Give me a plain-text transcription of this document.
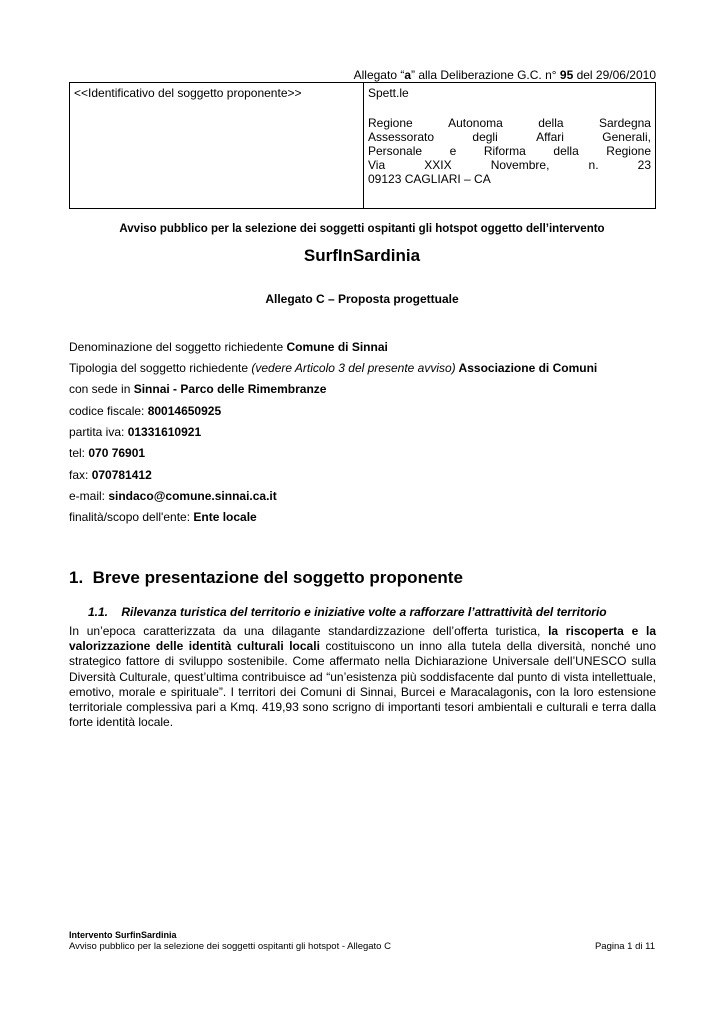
Allegato “a” alla Deliberazione G.C. n° 95 del 29/06/2010
<<Identificativo del soggetto proponente>>	Spett.le
Regione	Autonoma	della	Sardegna
Assessorato	degli	Affari	Generali,
Personale e Riforma della Regione
Via	XXIX	Novembre,	n.	23
09123 CAGLIARI – CA
Avviso pubblico per la selezione dei soggetti ospitanti gli hotspot oggetto dell’intervento
SurfInSardinia
Allegato C – Proposta progettuale
Denominazione del soggetto richiedente Comune di Sinnai
Tipologia del soggetto richiedente (vedere Articolo 3 del presente avviso) Associazione di Comuni
con sede in Sinnai - Parco delle Rimembranze
codice fiscale: 80014650925
partita iva: 01331610921
tel: 070 76901
fax: 070781412
e-mail: sindaco@comune.sinnai.ca.it
finalità/scopo dell'ente: Ente locale
1.  Breve presentazione del soggetto proponente
1.1.    Rilevanza turistica del territorio e iniziative volte a rafforzare l’attrattività del territorio
In un’epoca caratterizzata da una dilagante standardizzazione dell’offerta turistica, la riscoperta e la valorizzazione delle identità culturali locali costituiscono un inno alla tutela della diversità, nonché uno strategico fattore di sviluppo sostenibile. Come affermato nella Dichiarazione Universale dell’UNESCO sulla Diversità Culturale, quest’ultima contribuisce ad “un’esistenza più soddisfacente dal punto di vista intellettuale, emotivo, morale e spirituale”. I territori dei Comuni di Sinnai, Burcei e Maracalagonis, con la loro estensione territoriale complessiva pari a Kmq. 419,93 sono scrigno di importanti tesori ambientali e culturali e terra dalla forte identità locale.
Intervento SurfinSardinia
Avviso pubblico per la selezione dei soggetti ospitanti gli hotspot - Allegato C	Pagina 1 di 11
